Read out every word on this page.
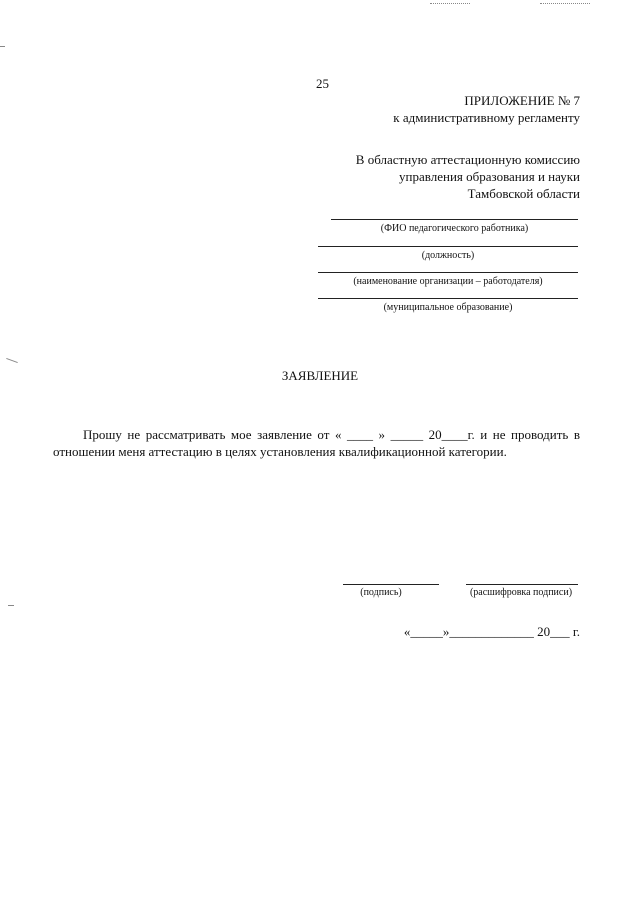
25
ПРИЛОЖЕНИЕ № 7
к административному регламенту
В областную аттестационную комиссию
управления образования и науки
Тамбовской области
(ФИО педагогического работника)
(должность)
(наименование организации – работодателя)
(муниципальное образование)
ЗАЯВЛЕНИЕ

Прошу не рассматривать мое заявление от « ____ » _____ 20____г. и не проводить в

отношении меня аттестацию в целях установления квалификационной категории.

(подпись)	(расшифровка подписи)
«_____»_____________ 20___ г.
